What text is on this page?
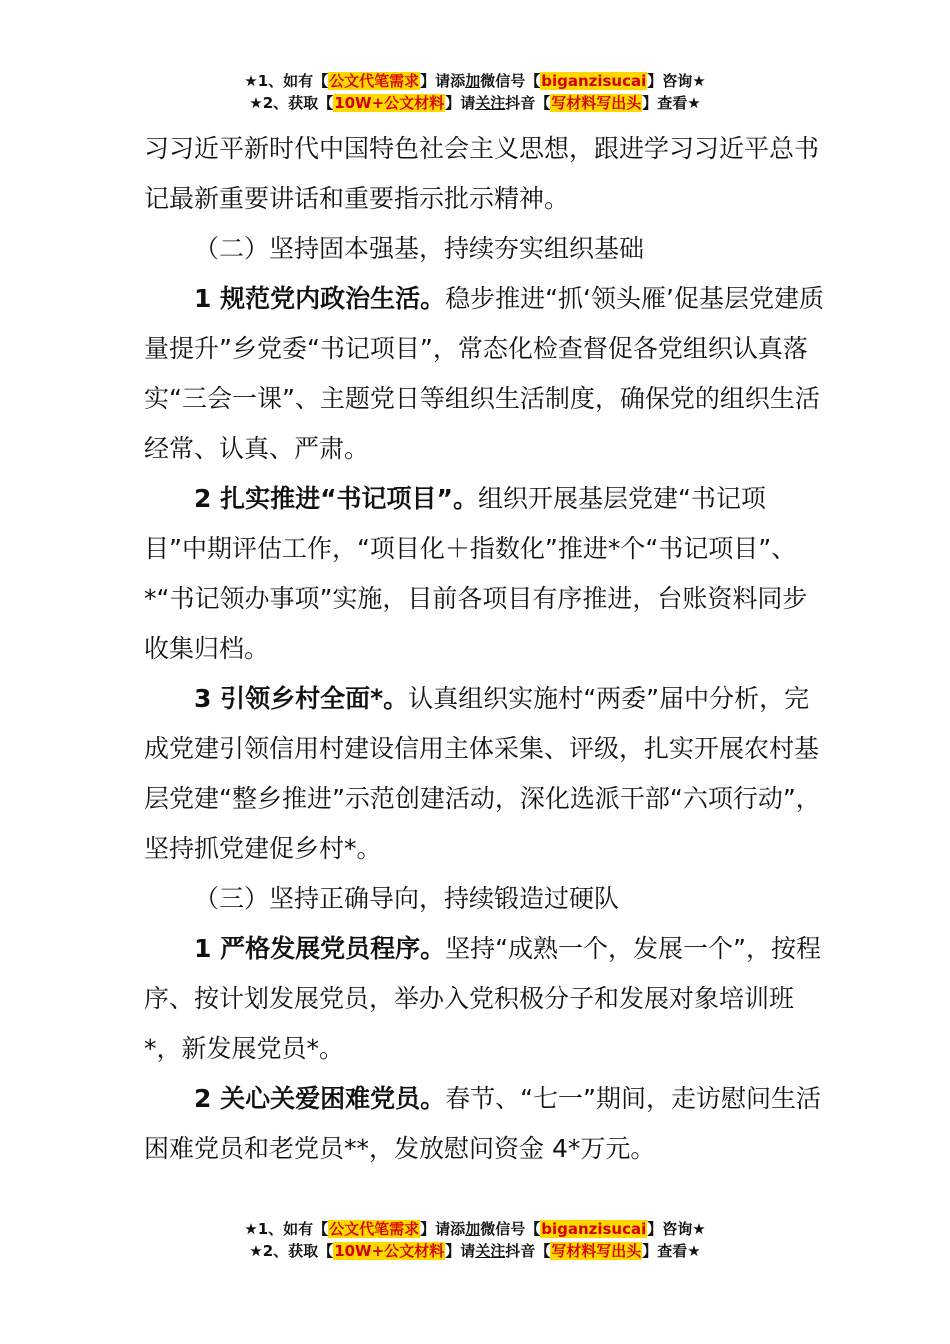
★1、如有【公文代笔需求】请添加微信号【biganzisucai】咨询★
★2、获取【10W+公文材料】请关注抖音【写材料写出头】查看★

习习近平新时代中国特色社会主义思想，跟进学习习近平总书记最新重要讲话和重要指示批示精神。

（二）坚持固本强基，持续夯实组织基础

1 规范党内政治生活。稳步推进“抓‘领头雁’促基层党建质量提升”乡党委“书记项目”，常态化检查督促各党组织认真落实“三会一课”、主题党日等组织生活制度，确保党的组织生活经常、认真、严肃。

2 扎实推进“书记项目”。组织开展基层党建“书记项目”中期评估工作，“项目化＋指数化”推进*个“书记项目”、*“书记领办事项”实施，目前各项目有序推进，台账资料同步收集归档。

3 引领乡村全面*。认真组织实施村“两委”届中分析，完成党建引领信用村建设信用主体采集、评级，扎实开展农村基层党建“整乡推进”示范创建活动，深化选派干部“六项行动”，坚持抓党建促乡村*。

（三）坚持正确导向，持续锻造过硬队

1 严格发展党员程序。坚持“成熟一个，发展一个”，按程序、按计划发展党员，举办入党积极分子和发展对象培训班*，新发展党员*。

2 关心关爱困难党员。春节、“七一”期间，走访慰问生活困难党员和老党员**，发放慰问资金 4*万元。

★1、如有【公文代笔需求】请添加微信号【biganzisucai】咨询★
★2、获取【10W+公文材料】请关注抖音【写材料写出头】查看★
